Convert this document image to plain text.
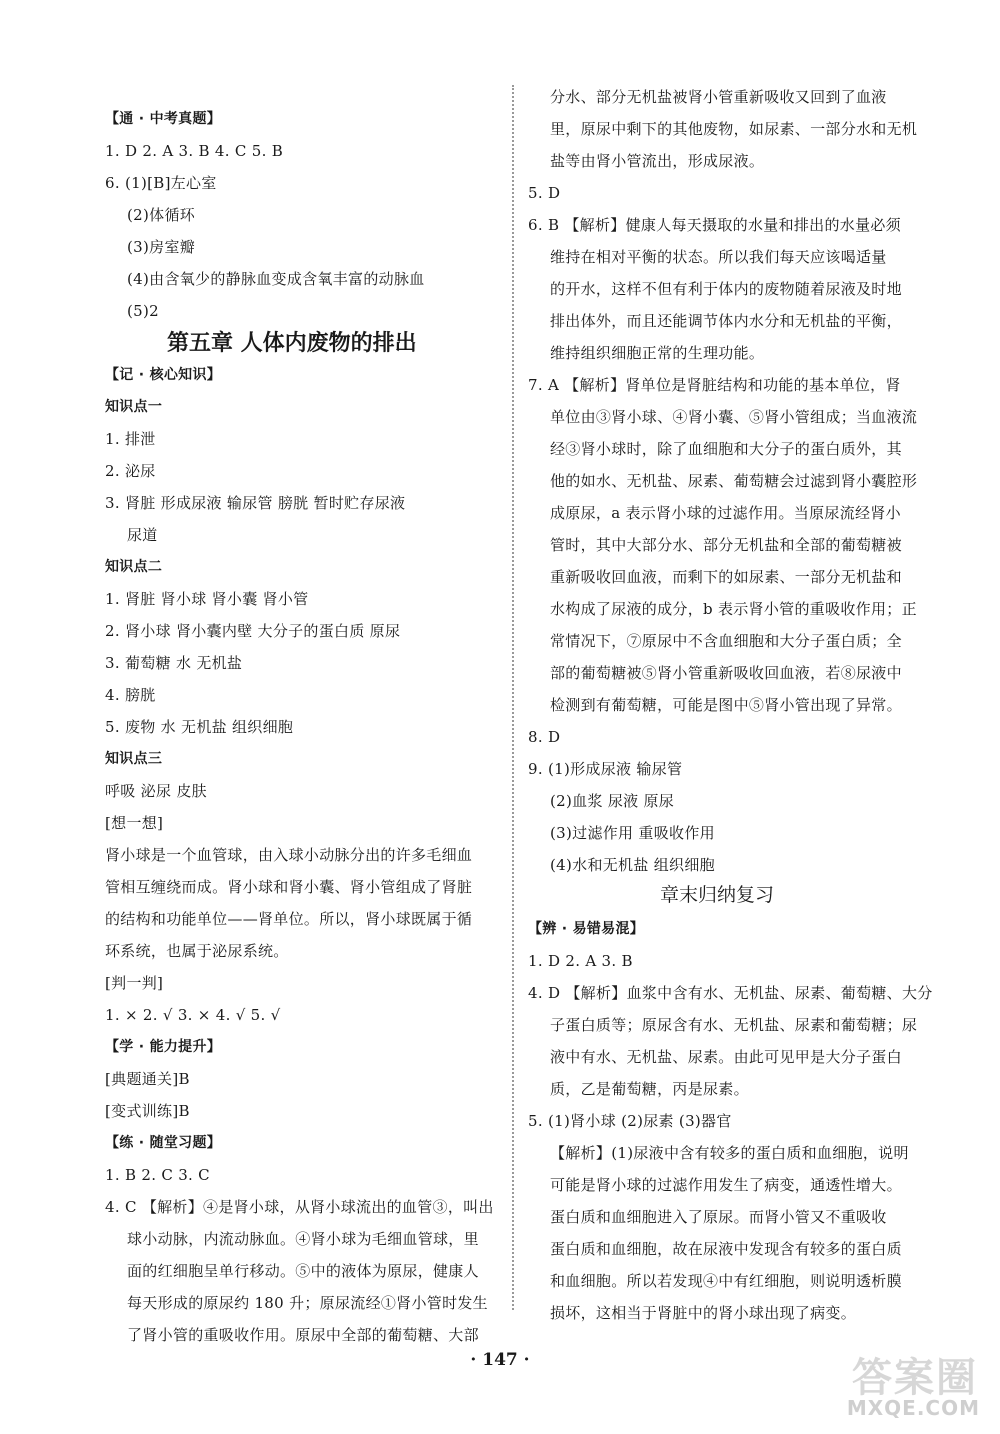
【通 · 中考真题】
1. D 2. A 3. B 4. C 5. B
6. (1)[B]左心室
(2)体循环
(3)房室瓣
(4)由含氧少的静脉血变成含氧丰富的动脉血
(5)2
第五章 人体内废物的排出
【记 · 核心知识】
知识点一
1. 排泄
2. 泌尿
3. 肾脏 形成尿液 输尿管 膀胱 暂时贮存尿液
尿道
知识点二
1. 肾脏 肾小球 肾小囊 肾小管
2. 肾小球 肾小囊内壁 大分子的蛋白质 原尿
3. 葡萄糖 水 无机盐
4. 膀胱
5. 废物 水 无机盐 组织细胞
知识点三
呼吸 泌尿 皮肤
[想一想]
肾小球是一个血管球，由入球小动脉分出的许多毛细血
管相互缠绕而成。肾小球和肾小囊、肾小管组成了肾脏
的结构和功能单位——肾单位。所以，肾小球既属于循
环系统，也属于泌尿系统。
[判一判]
1. × 2. √ 3. × 4. √ 5. √
【学 · 能力提升】
[典题通关]B
[变式训练]B
【练 · 随堂习题】
1. B 2. C 3. C
4. C 【解析】④是肾小球，从肾小球流出的血管③，叫出
球小动脉，内流动脉血。④肾小球为毛细血管球，里
面的红细胞呈单行移动。⑤中的液体为原尿，健康人
每天形成的原尿约 180 升；原尿流经①肾小管时发生
了肾小管的重吸收作用。原尿中全部的葡萄糖、大部
分水、部分无机盐被肾小管重新吸收又回到了血液
里，原尿中剩下的其他废物，如尿素、一部分水和无机
盐等由肾小管流出，形成尿液。
5. D
6. B 【解析】健康人每天摄取的水量和排出的水量必须
维持在相对平衡的状态。所以我们每天应该喝适量
的开水，这样不但有利于体内的废物随着尿液及时地
排出体外，而且还能调节体内水分和无机盐的平衡，
维持组织细胞正常的生理功能。
7. A 【解析】肾单位是肾脏结构和功能的基本单位，肾
单位由③肾小球、④肾小囊、⑤肾小管组成；当血液流
经③肾小球时，除了血细胞和大分子的蛋白质外，其
他的如水、无机盐、尿素、葡萄糖会过滤到肾小囊腔形
成原尿，a 表示肾小球的过滤作用。当原尿流经肾小
管时，其中大部分水、部分无机盐和全部的葡萄糖被
重新吸收回血液，而剩下的如尿素、一部分无机盐和
水构成了尿液的成分，b 表示肾小管的重吸收作用；正
常情况下，⑦原尿中不含血细胞和大分子蛋白质；全
部的葡萄糖被⑤肾小管重新吸收回血液，若⑧尿液中
检测到有葡萄糖，可能是图中⑤肾小管出现了异常。
8. D
9. (1)形成尿液 输尿管
(2)血浆 尿液 原尿
(3)过滤作用 重吸收作用
(4)水和无机盐 组织细胞
章末归纳复习
【辨 · 易错易混】
1. D 2. A 3. B
4. D 【解析】血浆中含有水、无机盐、尿素、葡萄糖、大分
子蛋白质等；原尿含有水、无机盐、尿素和葡萄糖；尿
液中有水、无机盐、尿素。由此可见甲是大分子蛋白
质，乙是葡萄糖，丙是尿素。
5. (1)肾小球 (2)尿素 (3)器官
【解析】(1)尿液中含有较多的蛋白质和血细胞，说明
可能是肾小球的过滤作用发生了病变，通透性增大。
蛋白质和血细胞进入了原尿。而肾小管又不重吸收
蛋白质和血细胞，故在尿液中发现含有较多的蛋白质
和血细胞。所以若发现④中有红细胞，则说明透析膜
损坏，这相当于肾脏中的肾小球出现了病变。
· 147 ·	答案圈
MXQE.COM
